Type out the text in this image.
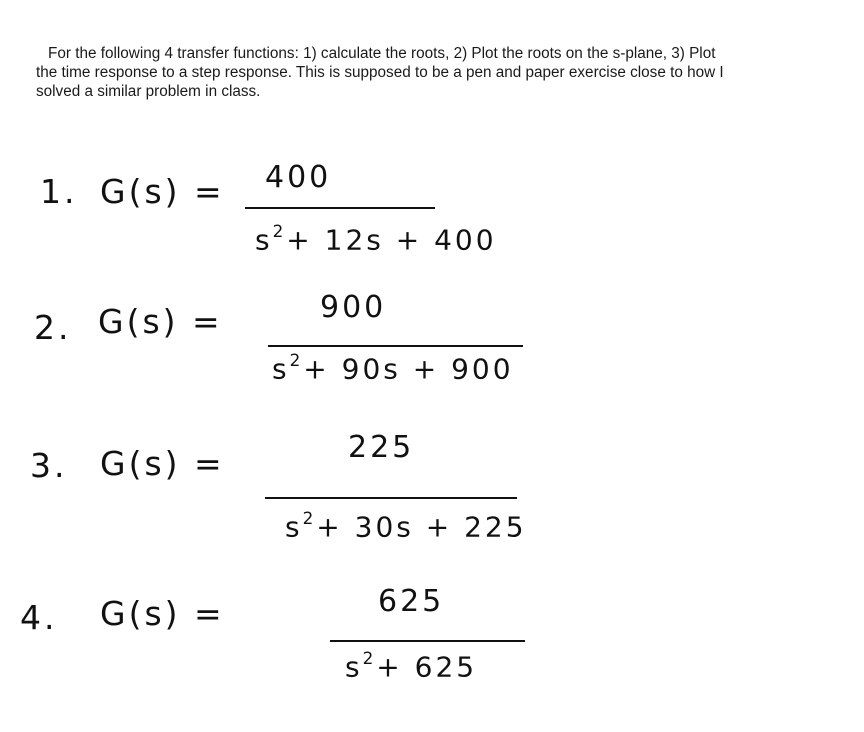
For the following 4 transfer functions: 1) calculate the roots, 2) Plot the roots on the s-plane, 3) Plot
the time response to a step response. This is supposed to be a pen and paper exercise close to how I
solved a similar problem in class.
1. G(s) = 400
$s^2+ 12s + 400$
2. G(s) =	900
$s^2+ 90s + 900$
3. G(s) =	225
$s^2+ 30s + 225$
4. G(s) =	625
$s^2+ 625$
